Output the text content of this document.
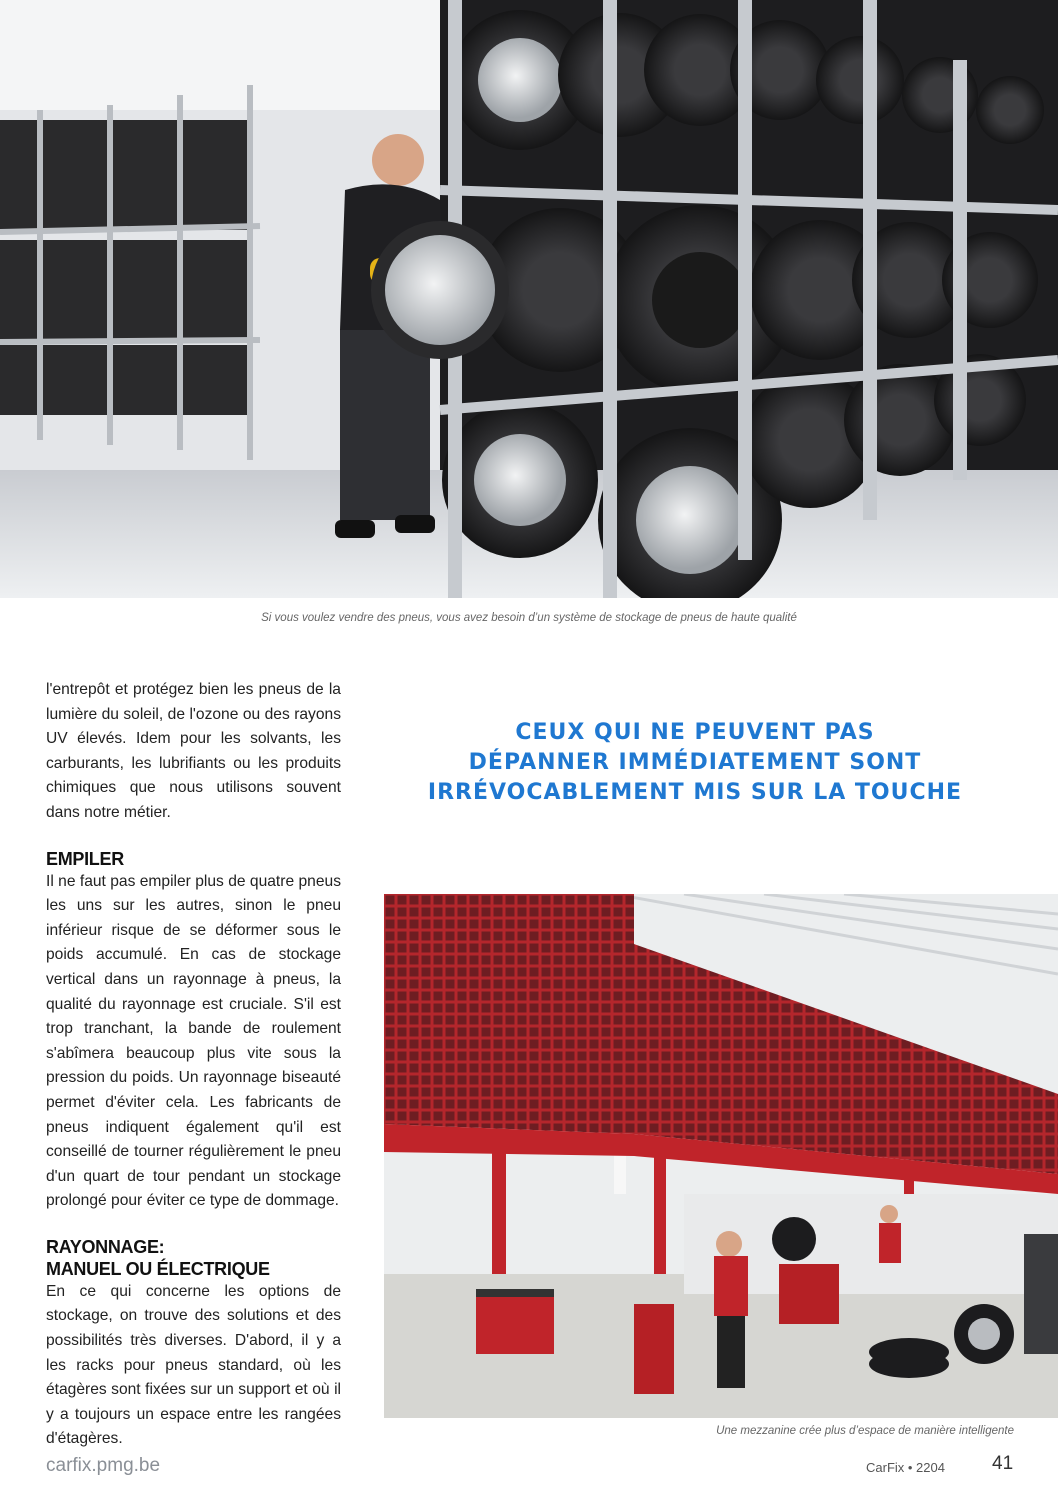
Si vous voulez vendre des pneus, vous avez besoin d’un système de stockage de pneus de haute qualité

l'entrepôt et protégez bien les pneus de la lumière du soleil, de l'ozone ou des rayons UV élevés. Idem pour les solvants, les carburants, les lubrifiants ou les produits chimiques que nous utilisons souvent dans notre métier.

EMPILER

Il ne faut pas empiler plus de quatre pneus les uns sur les autres, sinon le pneu inférieur risque de se déformer sous le poids accumulé. En cas de stockage vertical dans un rayonnage à pneus, la qualité du rayonnage est cruciale. S'il est trop tranchant, la bande de roulement s'abîmera beaucoup plus vite sous la pression du poids. Un rayonnage biseauté permet d'éviter cela. Les fabricants de pneus indiquent également qu'il est conseillé de tourner régulièrement le pneu d'un quart de tour pendant un stockage prolongé pour éviter ce type de dommage.

RAYONNAGE:
MANUEL OU ÉLECTRIQUE

En ce qui concerne les options de stockage, on trouve des solutions et des possibilités très diverses. D'abord, il y a les racks pour pneus standard, où les étagères sont fixées sur un support et où il y a toujours un espace entre les rangées d'étagères.

CEUX QUI NE PEUVENT PAS
DÉPANNER IMMÉDIATEMENT SONT
IRRÉVOCABLEMENT MIS SUR LA TOUCHE
Une mezzanine crée plus d’espace de manière intelligente
carfix.pmg.be	CarFix • 2204 41
